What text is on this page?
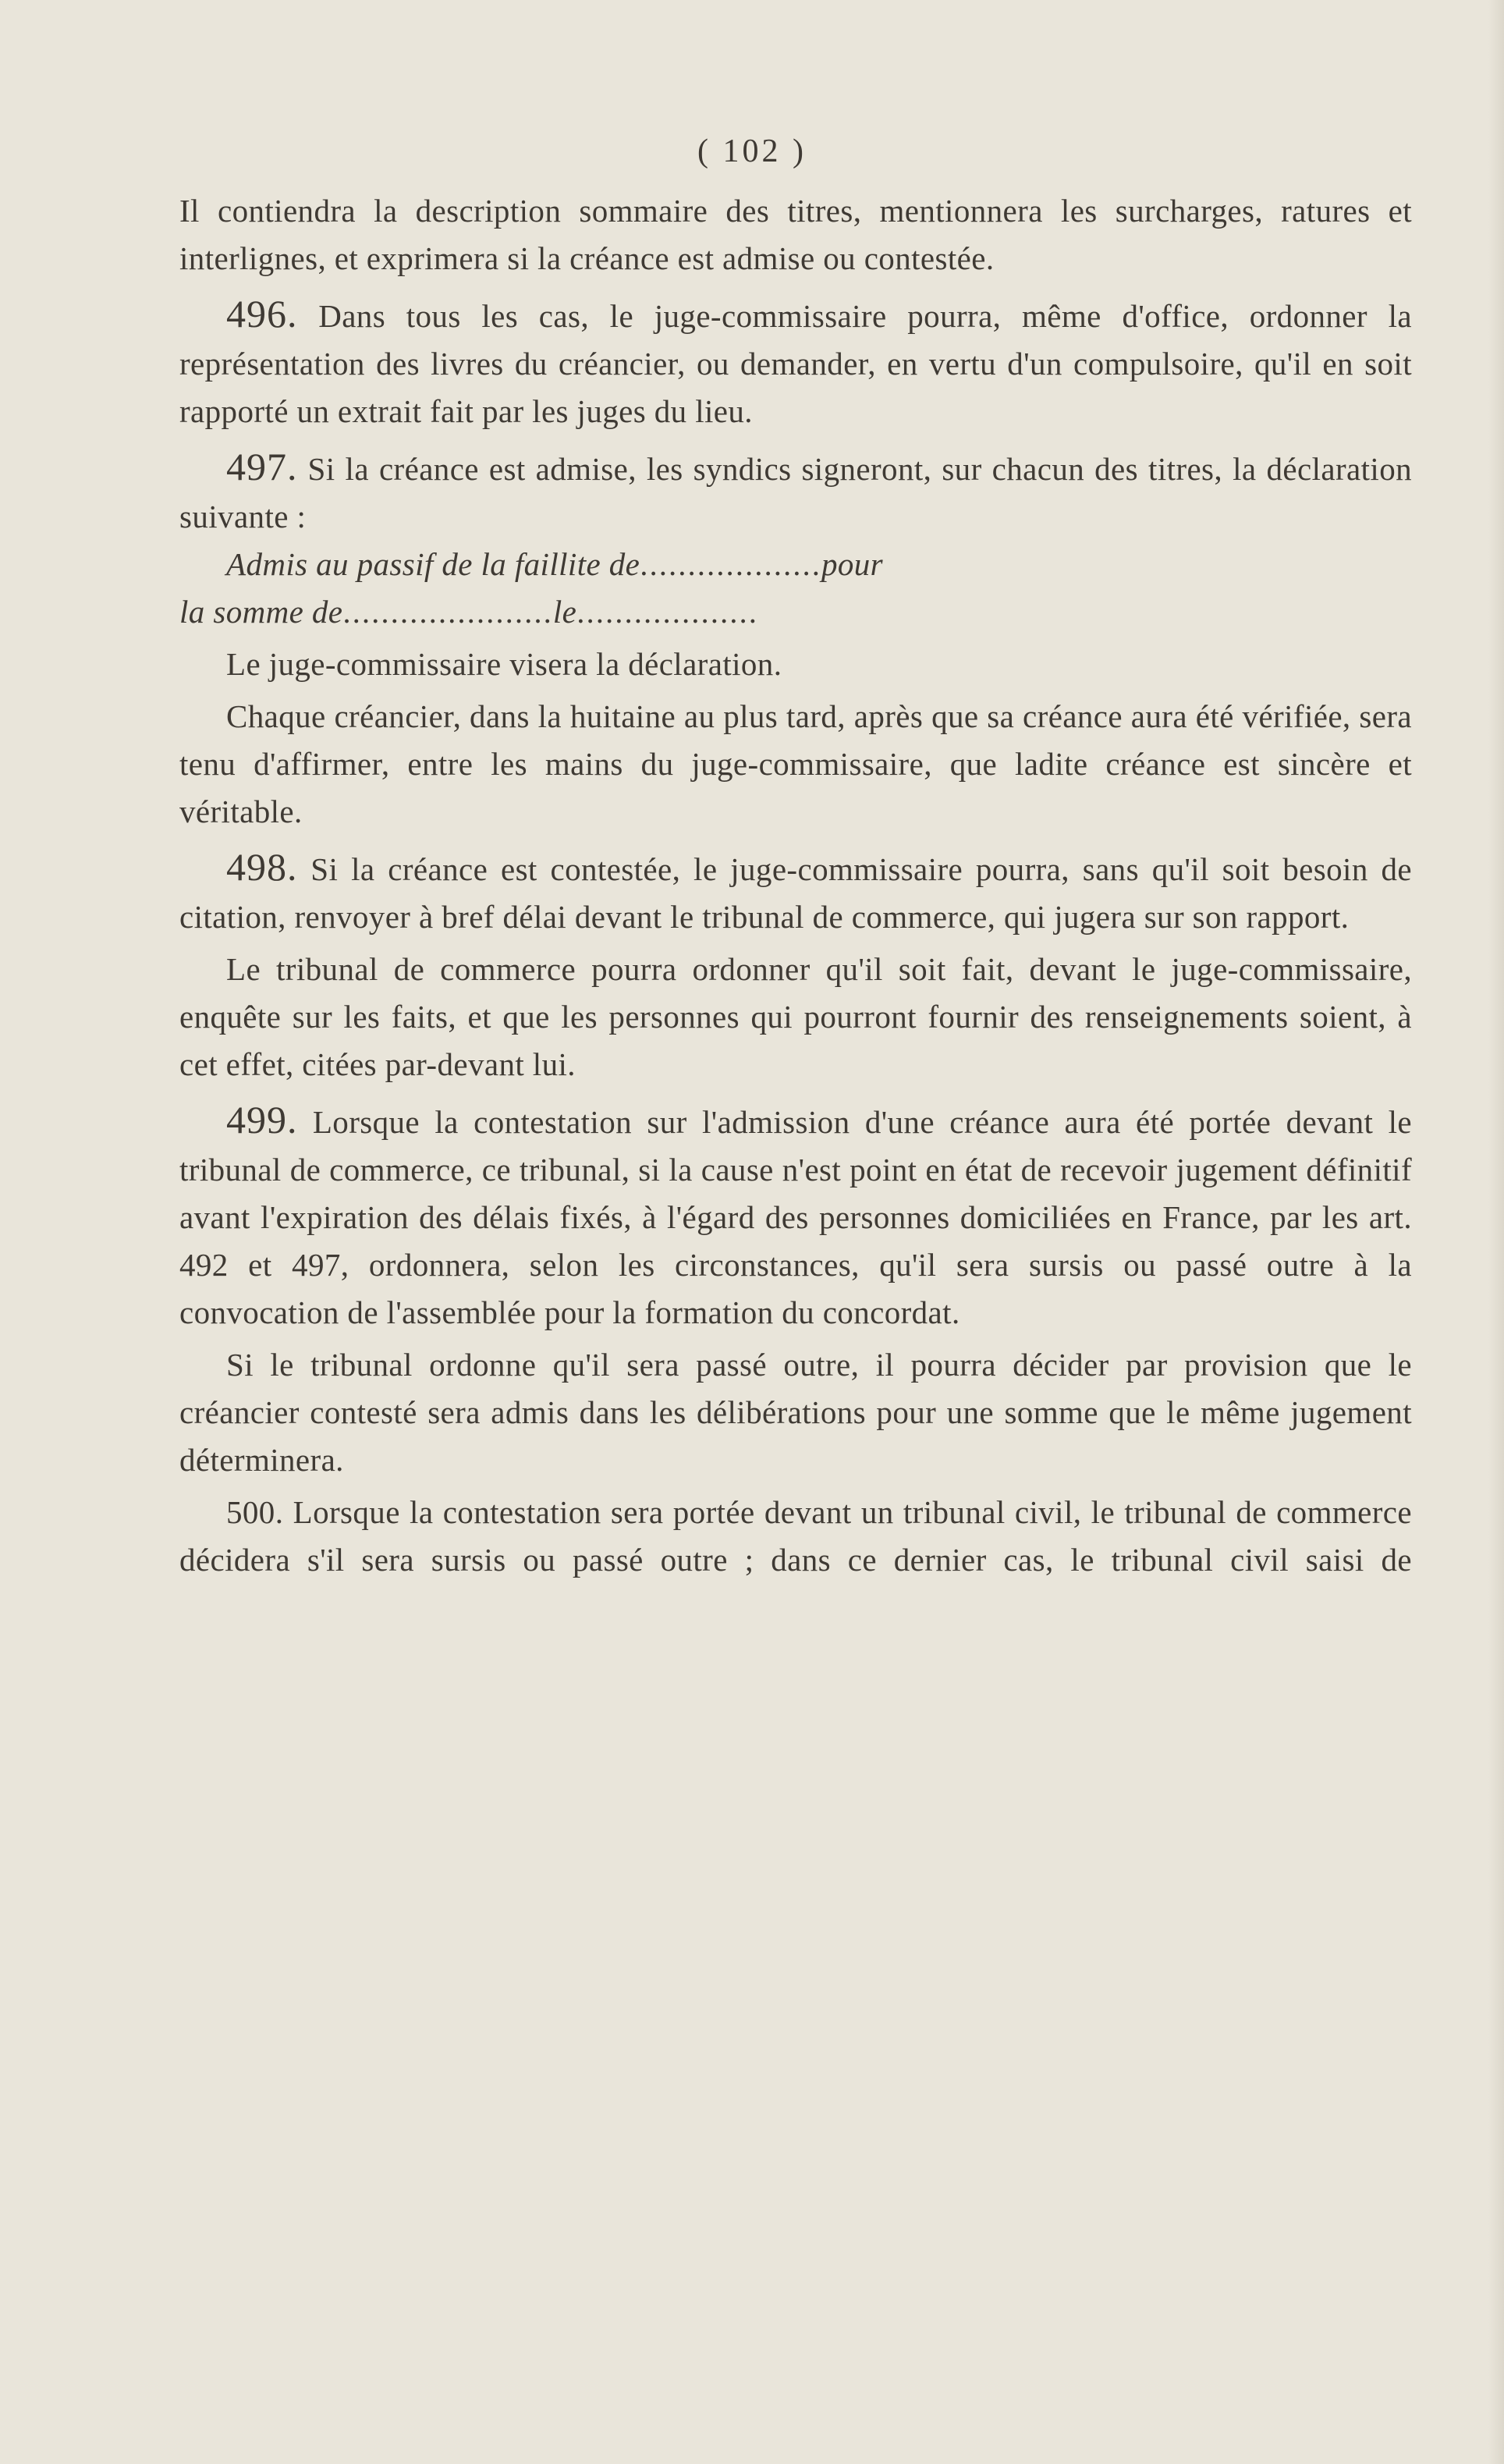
( 102 )

Il contiendra la description sommaire des titres, mentionnera les surcharges, ratures et interlignes, et exprimera si la créance est admise ou contestée.

496. Dans tous les cas, le juge-commissaire pourra, même d'office, ordonner la représentation des livres du créancier, ou demander, en vertu d'un compulsoire, qu'il en soit rapporté un extrait fait par les juges du lieu.

497. Si la créance est admise, les syndics signeront, sur chacun des titres, la déclaration suivante :

Admis au passif de la faillite de...................pour
la somme de......................le...................

Le juge-commissaire visera la déclaration.

Chaque créancier, dans la huitaine au plus tard, après que sa créance aura été vérifiée, sera tenu d'affirmer, entre les mains du juge-commissaire, que ladite créance est sincère et véritable.

498. Si la créance est contestée, le juge-commissaire pourra, sans qu'il soit besoin de citation, renvoyer à bref délai devant le tribunal de commerce, qui jugera sur son rapport.

Le tribunal de commerce pourra ordonner qu'il soit fait, devant le juge-commissaire, enquête sur les faits, et que les personnes qui pourront fournir des renseignements soient, à cet effet, citées par-devant lui.

499. Lorsque la contestation sur l'admission d'une créance aura été portée devant le tribunal de commerce, ce tribunal, si la cause n'est point en état de recevoir jugement définitif avant l'expiration des délais fixés, à l'égard des personnes domiciliées en France, par les art. 492 et 497, ordonnera, selon les circonstances, qu'il sera sursis ou passé outre à la convocation de l'assemblée pour la formation du concordat.

Si le tribunal ordonne qu'il sera passé outre, il pourra décider par provision que le créancier contesté sera admis dans les délibérations pour une somme que le même jugement déterminera.

500. Lorsque la contestation sera portée devant un tribunal civil, le tribunal de commerce décidera s'il sera sursis ou passé outre ; dans ce dernier cas, le tribunal civil saisi de
